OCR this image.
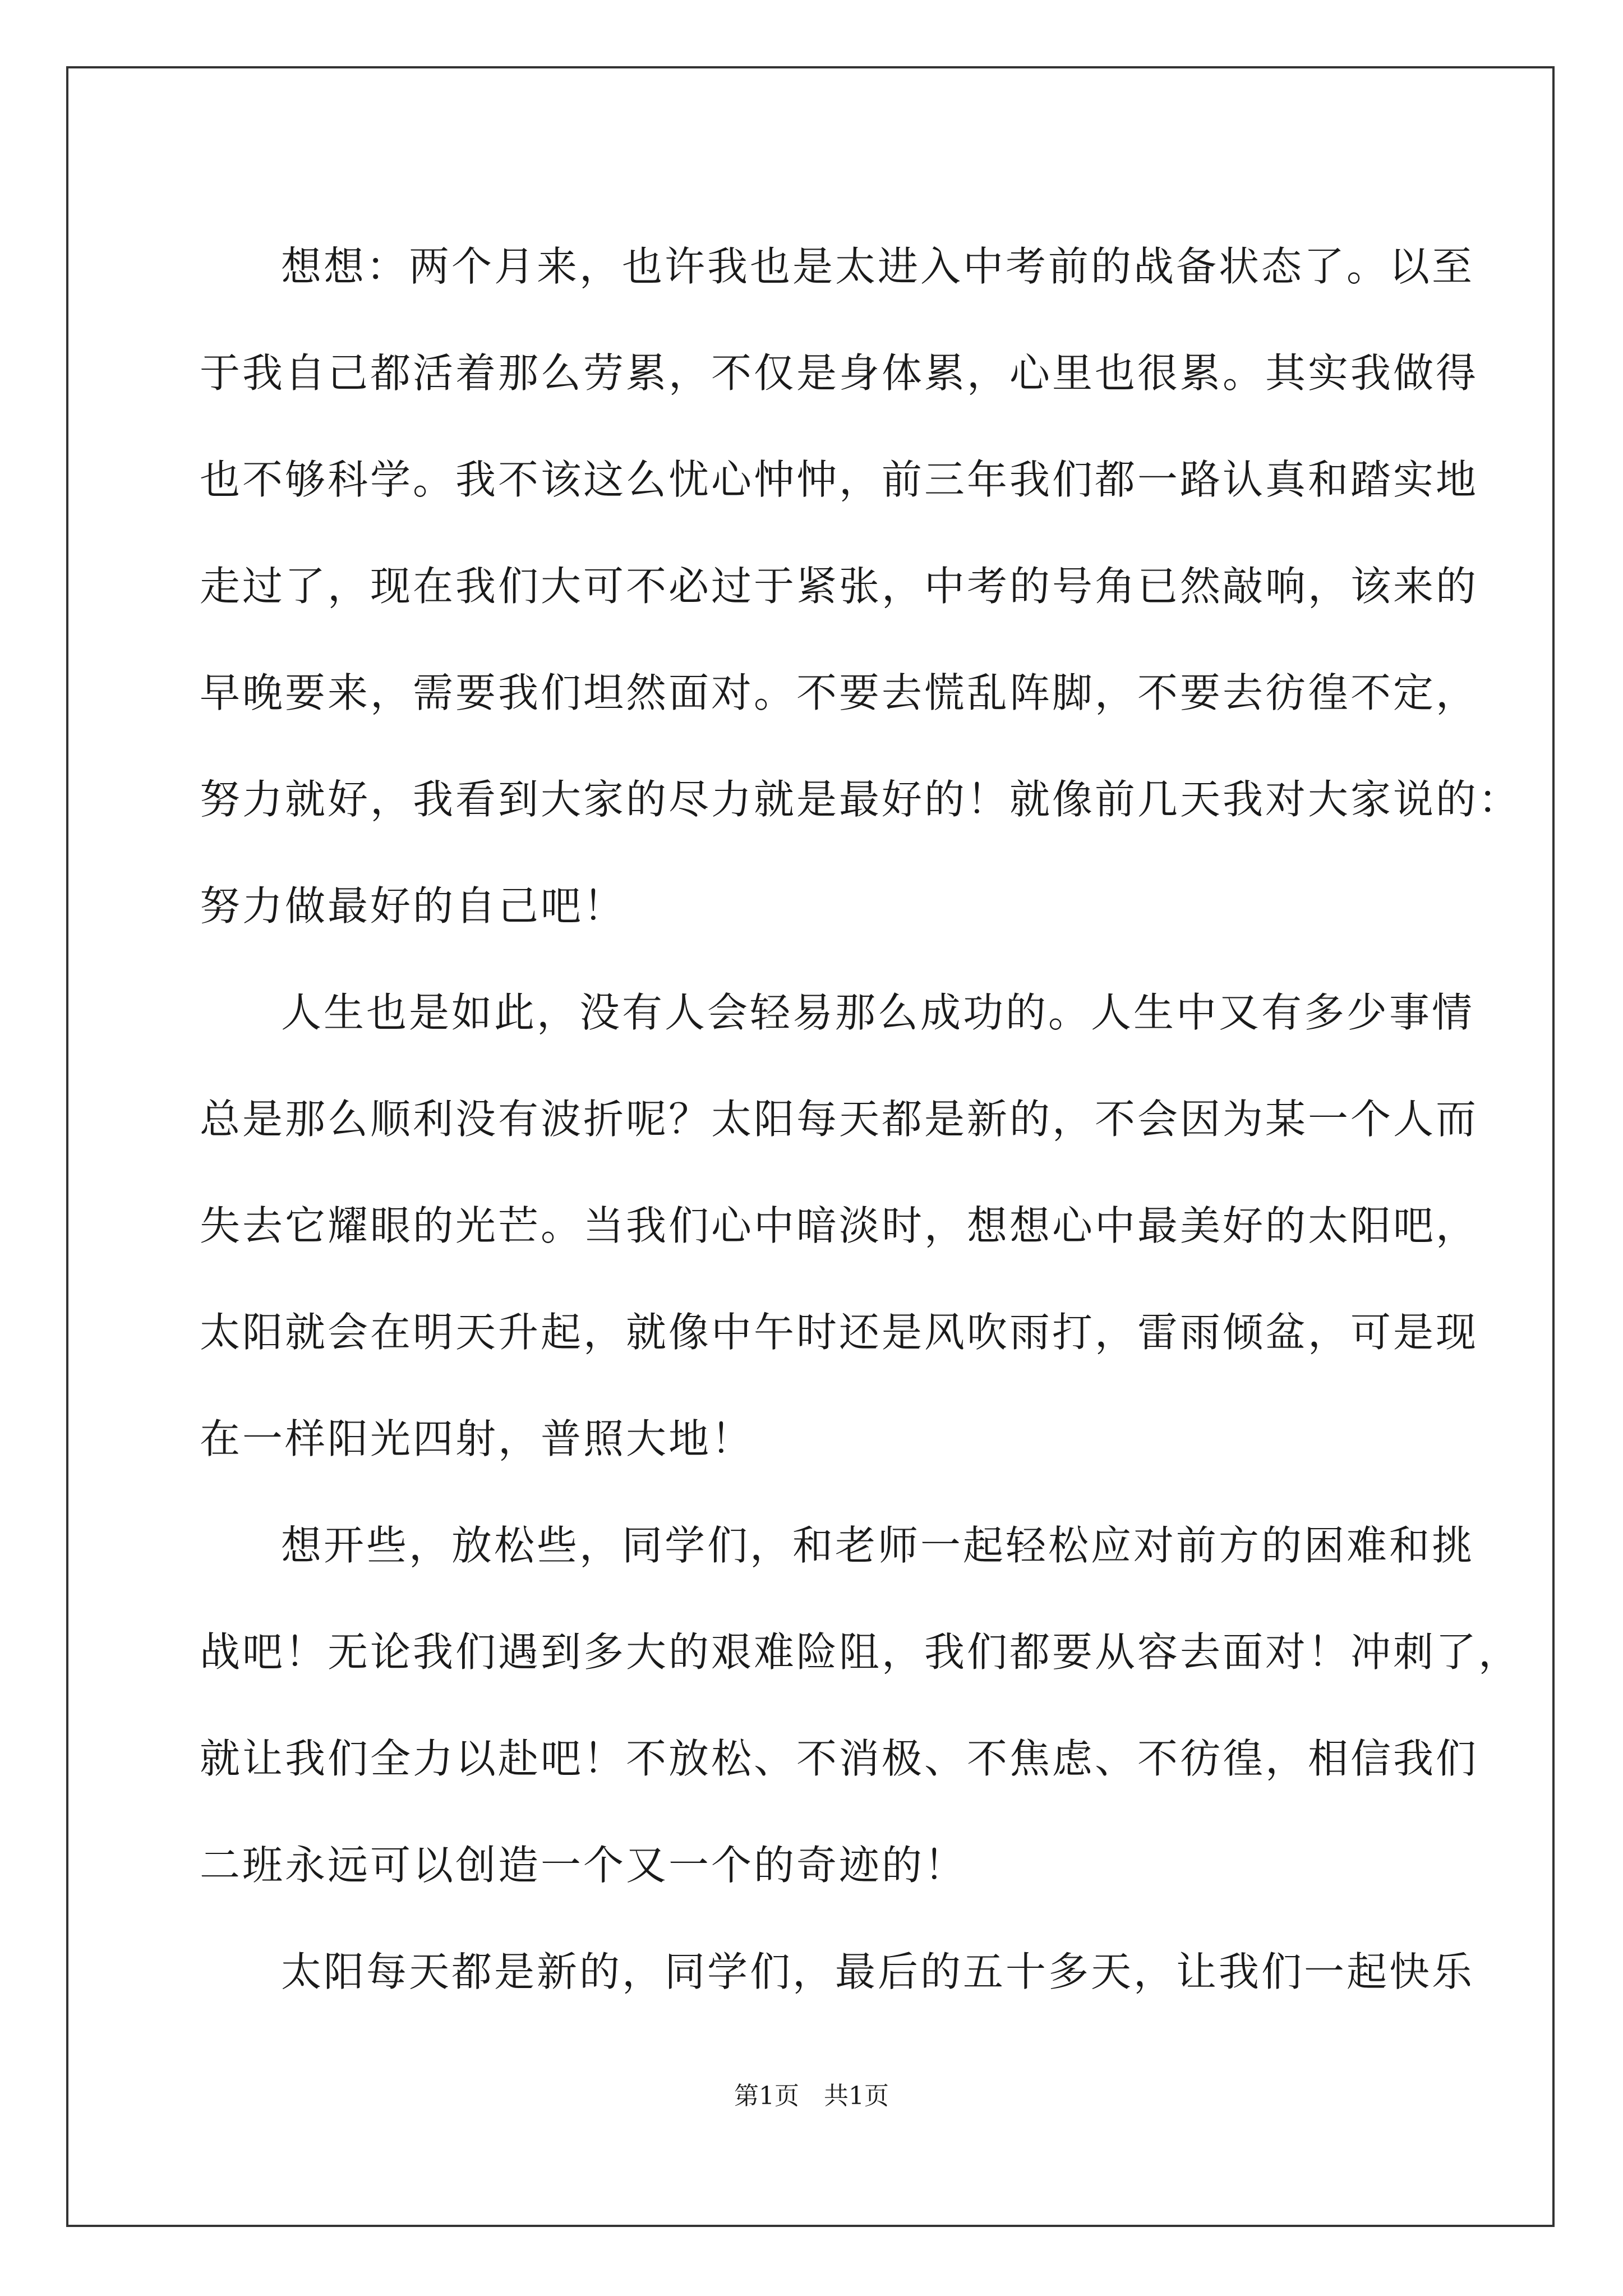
想想：两个月来，也许我也是太进入中考前的战备状态了。以至
于我自己都活着那么劳累，不仅是身体累，心里也很累。其实我做得
也不够科学。我不该这么忧心忡忡，前三年我们都一路认真和踏实地
走过了，现在我们大可不必过于紧张，中考的号角已然敲响，该来的
早晚要来，需要我们坦然面对。不要去慌乱阵脚，不要去彷徨不定，
努力就好，我看到大家的尽力就是最好的！就像前几天我对大家说的：
努力做最好的自己吧！
人生也是如此，没有人会轻易那么成功的。人生中又有多少事情
总是那么顺利没有波折呢？太阳每天都是新的，不会因为某一个人而
失去它耀眼的光芒。当我们心中暗淡时，想想心中最美好的太阳吧，
太阳就会在明天升起，就像中午时还是风吹雨打，雷雨倾盆，可是现
在一样阳光四射，普照大地！
想开些，放松些，同学们，和老师一起轻松应对前方的困难和挑
战吧！无论我们遇到多大的艰难险阻，我们都要从容去面对！冲刺了，
就让我们全力以赴吧！不放松、不消极、不焦虑、不彷徨，相信我们
二班永远可以创造一个又一个的奇迹的！
太阳每天都是新的，同学们，最后的五十多天，让我们一起快乐
第1页　共1页
